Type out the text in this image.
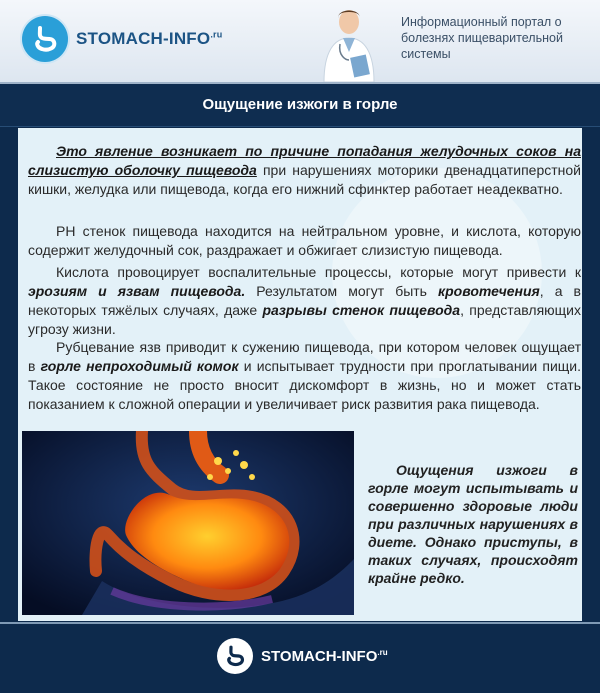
STOMACH-$INFO^{.ru}$
Информационный портал о болезнях пищеварительной системы
Ощущение изжоги в горле

Это явление возникает по причине попадания желудочных соков на слизистую оболочку пищевода при нарушениях моторики двенадцатиперстной кишки, желудка или пищевода, когда его нижний сфинктер работает неадекватно.

РН стенок пищевода находится на нейтральном уровне, и кислота, которую содержит желудочный сок, раздражает и обжигает слизистую пищевода.

Кислота провоцирует воспалительные процессы, которые могут привести к эрозиям и язвам пищевода. Результатом могут быть кровотечения, а в некоторых тяжёлых случаях, даже разрывы стенок пищевода, представляющих угрозу жизни.

Рубцевание язв приводит к сужению пищевода, при котором человек ощущает в горле непроходимый комок и испытывает трудности при проглатывании пищи. Такое состояние не просто вносит дискомфорт в жизнь, но и может стать показанием к сложной операции и увеличивает риск развития рака пищевода.

Ощущения изжоги в горле могут испытывать и совершенно здоровые люди при различных нарушениях в диете. Однако приступы, в таких случаях, происходят крайне редко.

STOMACH-$INFO^{.ru}$
